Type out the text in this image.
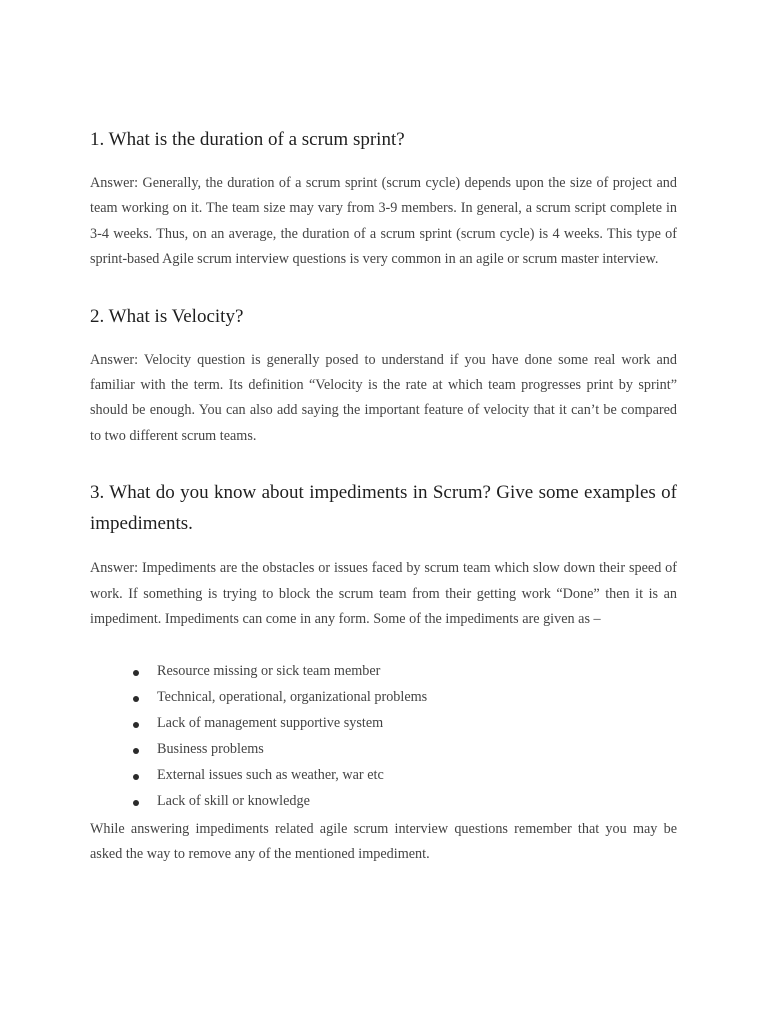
1. What is the duration of a scrum sprint?

Answer: Generally, the duration of a scrum sprint (scrum cycle) depends upon the size of project and team working on it. The team size may vary from 3-9 members. In general, a scrum script complete in 3-4 weeks. Thus, on an average, the duration of a scrum sprint (scrum cycle) is 4 weeks. This type of sprint-based Agile scrum interview questions is very common in an agile or scrum master interview.

2. What is Velocity?

Answer: Velocity question is generally posed to understand if you have done some real work and familiar with the term. Its definition “Velocity is the rate at which team progresses print by sprint” should be enough. You can also add saying the important feature of velocity that it can’t be compared to two different scrum teams.

3. What do you know about impediments in Scrum? Give some examples of impediments.

Answer: Impediments are the obstacles or issues faced by scrum team which slow down their speed of work. If something is trying to block the scrum team from their getting work “Done” then it is an impediment. Impediments can come in any form. Some of the impediments are given as –

Resource missing or sick team member
Technical, operational, organizational problems
Lack of management supportive system
Business problems
External issues such as weather, war etc
Lack of skill or knowledge

While answering impediments related agile scrum interview questions remember that you may be asked the way to remove any of the mentioned impediment.
